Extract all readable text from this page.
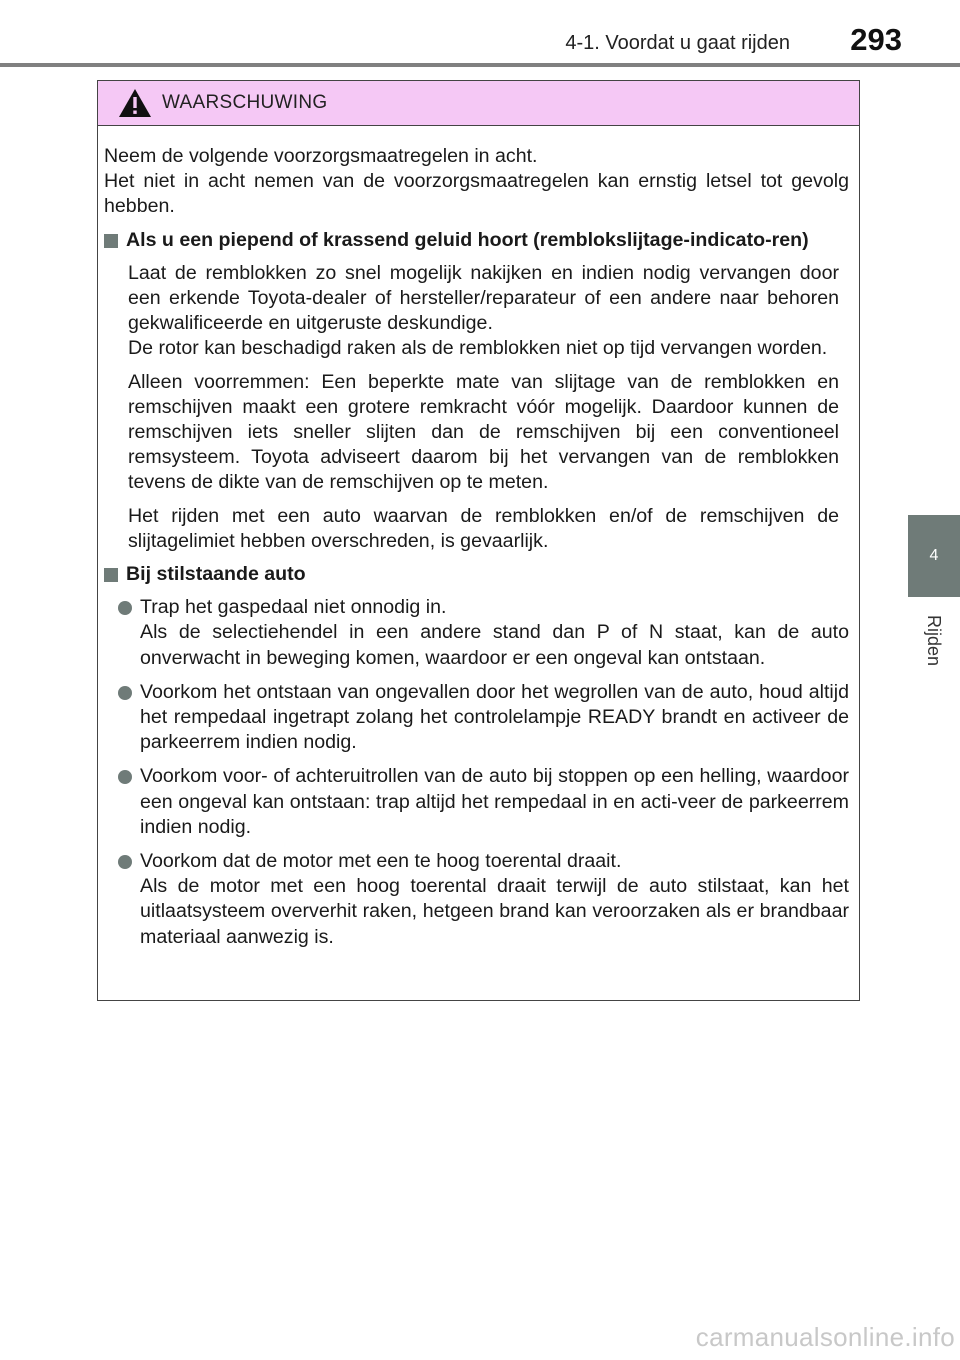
4-1. Voordat u gaat rijden	293
4
Rijden
WAARSCHUWING
Neem de volgende voorzorgsmaatregelen in acht.
Het niet in acht nemen van de voorzorgsmaatregelen kan ernstig letsel tot gevolg hebben.
Als u een piepend of krassend geluid hoort (remblokslijtage-indicato-ren)
Laat de remblokken zo snel mogelijk nakijken en indien nodig vervangen door een erkende Toyota-dealer of hersteller/reparateur of een andere naar behoren gekwalificeerde en uitgeruste deskundige.
De rotor kan beschadigd raken als de remblokken niet op tijd vervangen worden.
Alleen voorremmen: Een beperkte mate van slijtage van de remblokken en remschijven maakt een grotere remkracht vóór mogelijk. Daardoor kunnen de remschijven iets sneller slijten dan de remschijven bij een conventioneel remsysteem. Toyota adviseert daarom bij het vervangen van de remblokken tevens de dikte van de remschijven op te meten.
Het rijden met een auto waarvan de remblokken en/of de remschijven de slijtagelimiet hebben overschreden, is gevaarlijk.
Bij stilstaande auto
Trap het gaspedaal niet onnodig in.
Als de selectiehendel in een andere stand dan P of N staat, kan de auto onverwacht in beweging komen, waardoor er een ongeval kan ontstaan.
Voorkom het ontstaan van ongevallen door het wegrollen van de auto, houd altijd het rempedaal ingetrapt zolang het controlelampje READY brandt en activeer de parkeerrem indien nodig.
Voorkom voor- of achteruitrollen van de auto bij stoppen op een helling, waardoor een ongeval kan ontstaan: trap altijd het rempedaal in en acti-veer de parkeerrem indien nodig.
Voorkom dat de motor met een te hoog toerental draait.
Als de motor met een hoog toerental draait terwijl de auto stilstaat, kan het uitlaatsysteem oververhit raken, hetgeen brand kan veroorzaken als er brandbaar materiaal aanwezig is.
carmanualsonline.info
